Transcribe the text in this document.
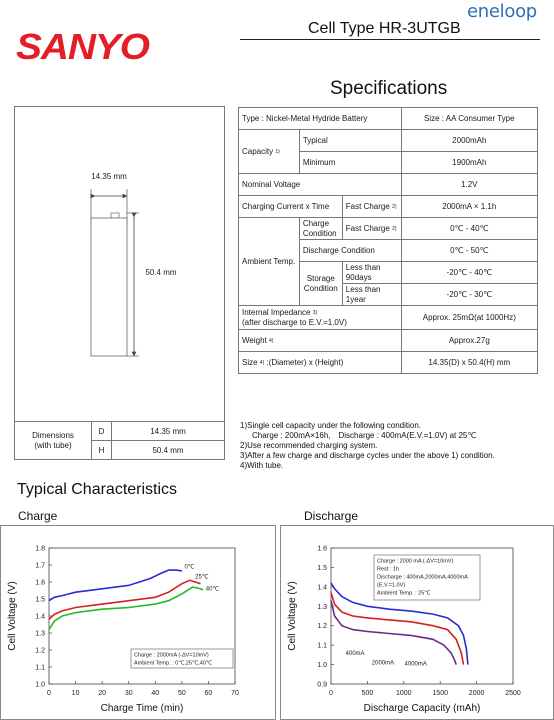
SANYO
eneloop
Cell Type HR-3UTGB
Specifications
14.35 mm
50.4 mm
Dimensions
(with tube)	D	14.35 mm
	H	50.4 mm
Type : Nickel-Metal Hydride Battery			Size : AA Consumer Type
Capacity $^{1)}$	Typical		2000mAh
	Minimum		1900mAh
Nominal Voltage			1.2V
Charging Current x Time		Fast Charge $^{2)}$	2000mA × 1.1h
Ambient Temp.	Charge Condition	Fast Charge $^{2)}$	0℃ - 40℃
	Discharge Condition		0℃ - 50℃
	Storage Condition	Less than 90days	-20℃ - 40℃
		Less than 1year	-20℃ - 30℃

Internal Impedance $^{3)}$
(after discharge to E.V.=1.0V)			Approx. 25mΩ(at 1000Hz)
Weight $^{4)}$			Approx.27g
Size $^{4)}$ :(Diameter) x (Height)			14.35(D) x 50.4(H) mm
1)Single cell capacity under the following condition.
Charge : 200mA×16h,　Discharge : 400mA(E.V.=1.0V) at 25℃
2)Use recommended charging system.
3)After a few charge and discharge cycles under the above 1) condition.
4)With tube.
Typical Characteristics
Charge	Discharge
1.0
1.1
1.2
1.3
1.4
1.5
1.6
1.7
1.8
0	10	20	30	40	50	60	70
Charge Time (min)
Cell Voltage (V)
0℃
25℃
40℃
Charge : 2000mA (-ΔV=10mV)
Ambient Temp. : 0℃,25℃,40℃
0.9
1.0
1.1
1.2
1.3
1.4
1.5
1.6
0	500	1000	1500	2000	2500
Discharge Capacity (mAh)
Cell Voltage (V)
400mA
2000mA 4000mA
Charge : 2000 mA (-ΔV=10mV)
Rest : 1h
Discharge : 400mA,2000mA,4000mA
(E.V.=1.0V)
Ambient Temp. : 25℃
